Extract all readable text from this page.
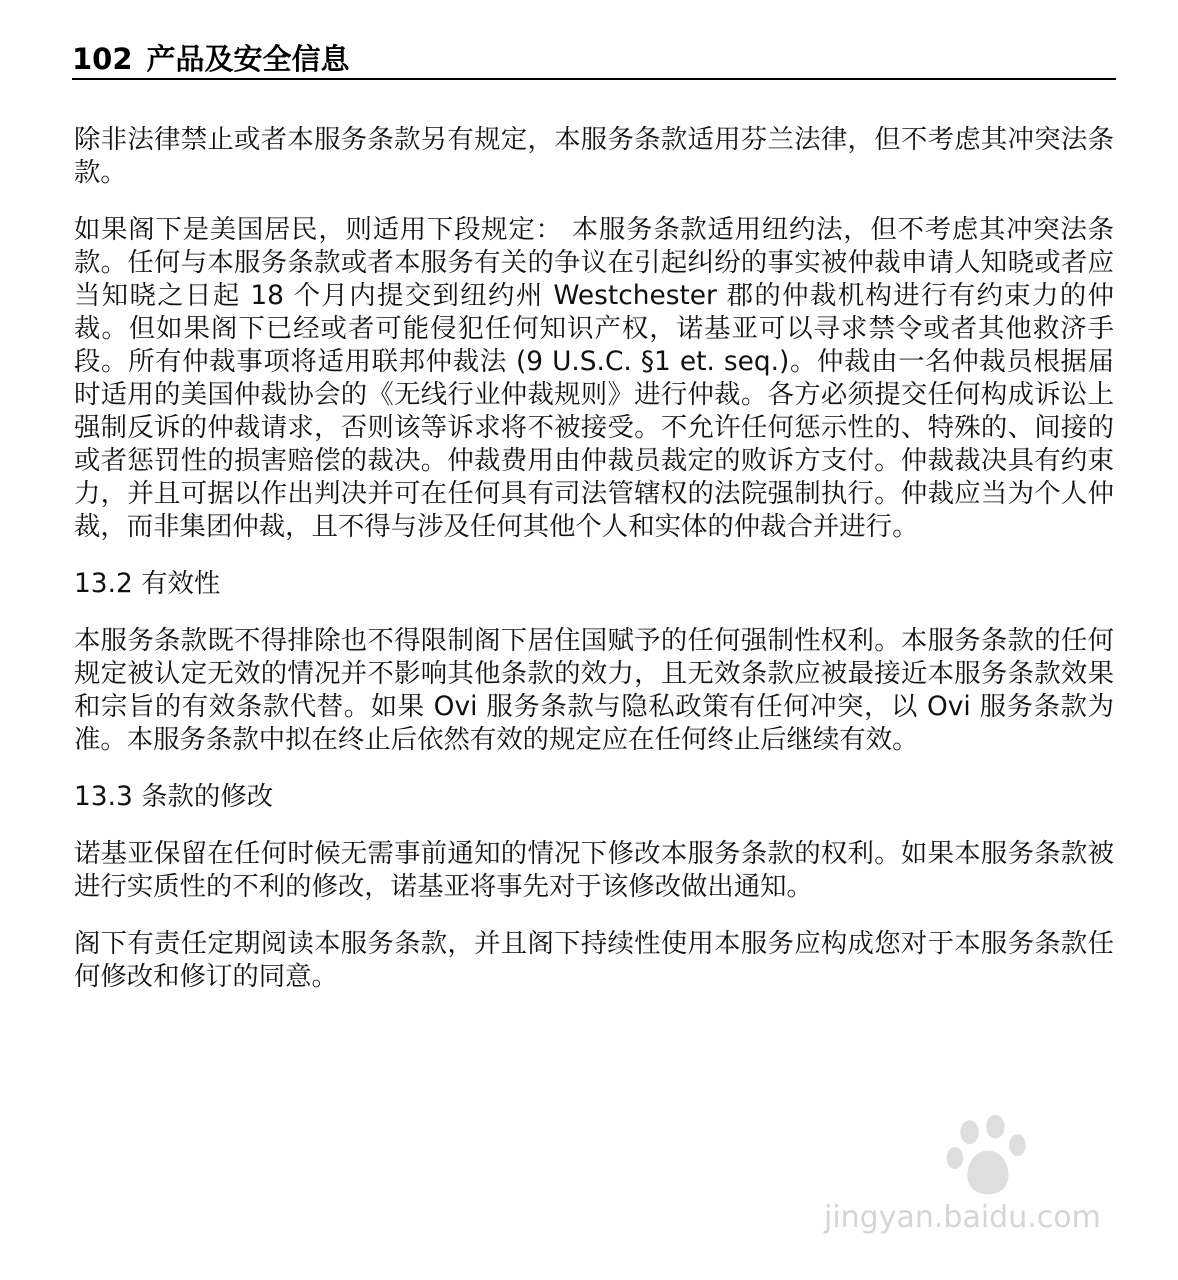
102 产品及安全信息

除非法律禁止或者本服务条款另有规定，本服务条款适用芬兰法律，但不考虑其冲突法条款。

如果阁下是美国居民，则适用下段规定： 本服务条款适用纽约法，但不考虑其冲突法条款。任何与本服务条款或者本服务有关的争议在引起纠纷的事实被仲裁申请人知晓或者应当知晓之日起 18 个月内提交到纽约州 Westchester 郡的仲裁机构进行有约束力的仲裁。但如果阁下已经或者可能侵犯任何知识产权，诺基亚可以寻求禁令或者其他救济手段。所有仲裁事项将适用联邦仲裁法 (9 U.S.C. §1 et. seq.)。仲裁由一名仲裁员根据届时适用的美国仲裁协会的《无线行业仲裁规则》进行仲裁。各方必须提交任何构成诉讼上强制反诉的仲裁请求，否则该等诉求将不被接受。不允许任何惩示性的、特殊的、间接的或者惩罚性的损害赔偿的裁决。仲裁费用由仲裁员裁定的败诉方支付。仲裁裁决具有约束力，并且可据以作出判决并可在任何具有司法管辖权的法院强制执行。仲裁应当为个人仲裁，而非集团仲裁，且不得与涉及任何其他个人和实体的仲裁合并进行。

13.2 有效性

本服务条款既不得排除也不得限制阁下居住国赋予的任何强制性权利。本服务条款的任何规定被认定无效的情况并不影响其他条款的效力，且无效条款应被最接近本服务条款效果和宗旨的有效条款代替。如果 Ovi 服务条款与隐私政策有任何冲突，以 Ovi 服务条款为准。本服务条款中拟在终止后依然有效的规定应在任何终止后继续有效。

13.3 条款的修改

诺基亚保留在任何时候无需事前通知的情况下修改本服务条款的权利。如果本服务条款被进行实质性的不利的修改，诺基亚将事先对于该修改做出通知。

阁下有责任定期阅读本服务条款，并且阁下持续性使用本服务应构成您对于本服务条款任何修改和修订的同意。

jingyan.baidu.com
